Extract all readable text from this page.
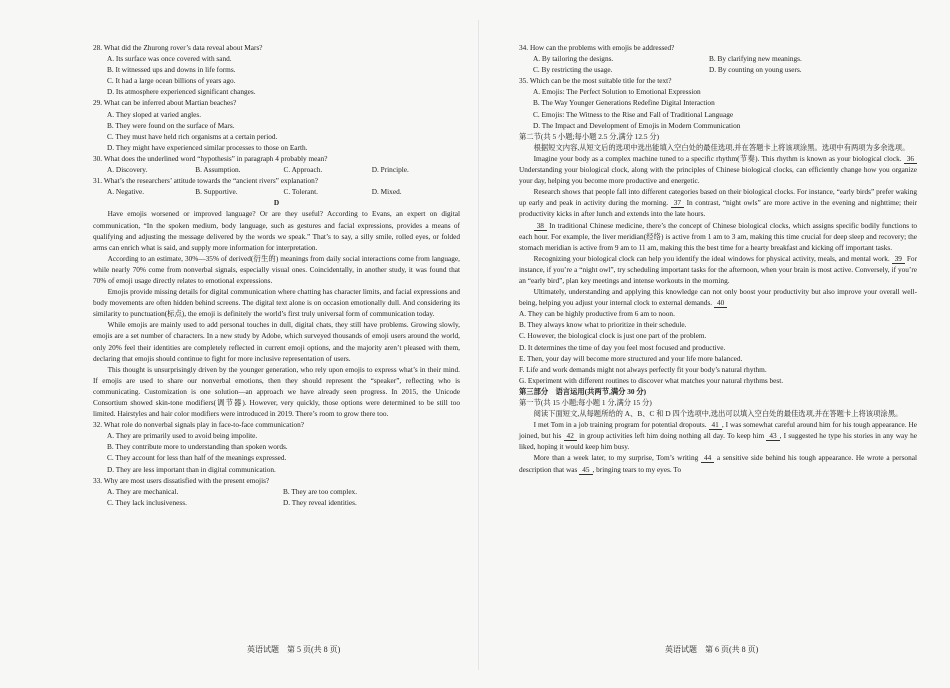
28. What did the Zhurong rover’s data reveal about Mars?
A. Its surface was once covered with sand.
B. It witnessed ups and downs in life forms.
C. It had a large ocean billions of years ago.
D. Its atmosphere experienced significant changes.
29. What can be inferred about Martian beaches?
A. They sloped at varied angles.
B. They were found on the surface of Mars.
C. They must have held rich organisms at a certain period.
D. They might have experienced similar processes to those on Earth.
30. What does the underlined word “hypothesis” in paragraph 4 probably mean?
A. Discovery.	B. Assumption.	C. Approach.	D. Principle.
31. What’s the researchers’ attitude towards the “ancient rivers” explanation?
A. Negative.	B. Supportive.	C. Tolerant.	D. Mixed.
D
Have emojis worsened or improved language? Or are they useful? According to Evans, an expert on digital communication, “In the spoken medium, body language, such as gestures and facial expressions, provides a means of qualifying and adjusting the message delivered by the words we speak.” That’s to say, a silly smile, rolled eyes, or folded arms can enrich what is said, and supply more information for interpretation.
According to an estimate, 30%—35% of derived(衍生的) meanings from daily social interactions come from language, while nearly 70% come from nonverbal signals, especially visual ones. Coincidentally, in another study, it was found that 70% of emoji usage directly relates to emotional expressions.
Emojis provide missing details for digital communication where chatting has character limits, and facial expressions and body movements are often hidden behind screens. The digital text alone is on occasion emotionally dull. And considering its similarity to punctuation(标点), the emoji is definitely the world’s first truly universal form of communication today.
While emojis are mainly used to add personal touches in dull, digital chats, they still have problems. Growing slowly, emojis are a set number of characters. In a new study by Adobe, which surveyed thousands of emoji users around the world, only 20% feel their identities are completely reflected in current emoji options, and the majority aren’t pleased with them, declaring that emojis should continue to fight for more inclusive representation of users.
This thought is unsurprisingly driven by the younger generation, who rely upon emojis to express what’s in their mind. If emojis are used to share our nonverbal emotions, then they should represent the “speaker”, reflecting who is communicating. Customization is one solution—an approach we have already seen progress. In 2015, the Unicode Consortium showed skin-tone modifiers(调节器). However, very quickly, those options were determined to be still too limited. Hairstyles and hair color modifiers were introduced in 2019. There’s room to grow there too.
32. What role do nonverbal signals play in face-to-face communication?
A. They are primarily used to avoid being impolite.
B. They contribute more to understanding than spoken words.
C. They account for less than half of the meanings expressed.
D. They are less important than in digital communication.
33. Why are most users dissatisfied with the present emojis?
A. They are mechanical.	B. They are too complex.
C. They lack inclusiveness.	D. They reveal identities.
英语试题　第 5 页(共 8 页)
34. How can the problems with emojis be addressed?
A. By tailoring the designs.	B. By clarifying new meanings.
C. By restricting the usage.	D. By counting on young users.
35. Which can be the most suitable title for the text?
A. Emojis: The Perfect Solution to Emotional Expression
B. The Way Younger Generations Redefine Digital Interaction
C. Emojis: The Witness to the Rise and Fall of Traditional Language
D. The Impact and Development of Emojis in Modern Communication
第二节(共 5 小题;每小题 2.5 分,满分 12.5 分)
根据短文内容,从短文后的选项中选出能填入空白处的最佳选项,并在答题卡上将该项涂黑。选项中有两项为多余选项。
Imagine your body as a complex machine tuned to a specific rhythm(节奏). This rhythm is known as your biological clock. 36 Understanding your biological clock, along with the principles of Chinese biological clocks, can efficiently change how you organize your day, helping you become more productive and energetic.
Research shows that people fall into different categories based on their biological clocks. For instance, “early birds” prefer waking up early and peak in activity during the morning. 37 In contrast, “night owls” are more active in the evening and nighttime; their productivity kicks in after lunch and extends into the late hours.
38 In traditional Chinese medicine, there’s the concept of Chinese biological clocks, which assigns specific bodily functions to each hour. For example, the liver meridian(经络) is active from 1 am to 3 am, making this time crucial for deep sleep and recovery; the stomach meridian is active from 9 am to 11 am, making this the best time for a hearty breakfast and kicking off important tasks.
Recognizing your biological clock can help you identify the ideal windows for physical activity, meals, and mental work. 39 For instance, if you’re a “night owl”, try scheduling important tasks for the afternoon, when your brain is most active. Conversely, if you’re an “early bird”, plan key meetings and intense workouts in the morning.
Ultimately, understanding and applying this knowledge can not only boost your productivity but also improve your overall well-being, helping you adjust your internal clock to external demands. 40
A. They can be highly productive from 6 am to noon.
B. They always know what to prioritize in their schedule.
C. However, the biological clock is just one part of the problem.
D. It determines the time of day you feel most focused and productive.
E. Then, your day will become more structured and your life more balanced.
F. Life and work demands might not always perfectly fit your body’s natural rhythm.
G. Experiment with different routines to discover what matches your natural rhythms best.
第三部分　语言运用(共两节,满分 30 分)
第一节(共 15 小题;每小题 1 分,满分 15 分)
阅读下面短文,从每题所给的 A、B、C 和 D 四个选项中,选出可以填入空白处的最佳选项,并在答题卡上将该项涂黑。
I met Tom in a job training program for potential dropouts. 41 , I was somewhat careful around him for his tough appearance. He joined, but his 42 in group activities left him doing nothing all day. To keep him 43 , I suggested he type his stories in any way he liked, hoping it would keep him busy.
More than a week later, to my surprise, Tom’s writing 44 a sensitive side behind his tough appearance. He wrote a personal description that was 45 , bringing tears to my eyes. To
英语试题　第 6 页(共 8 页)
